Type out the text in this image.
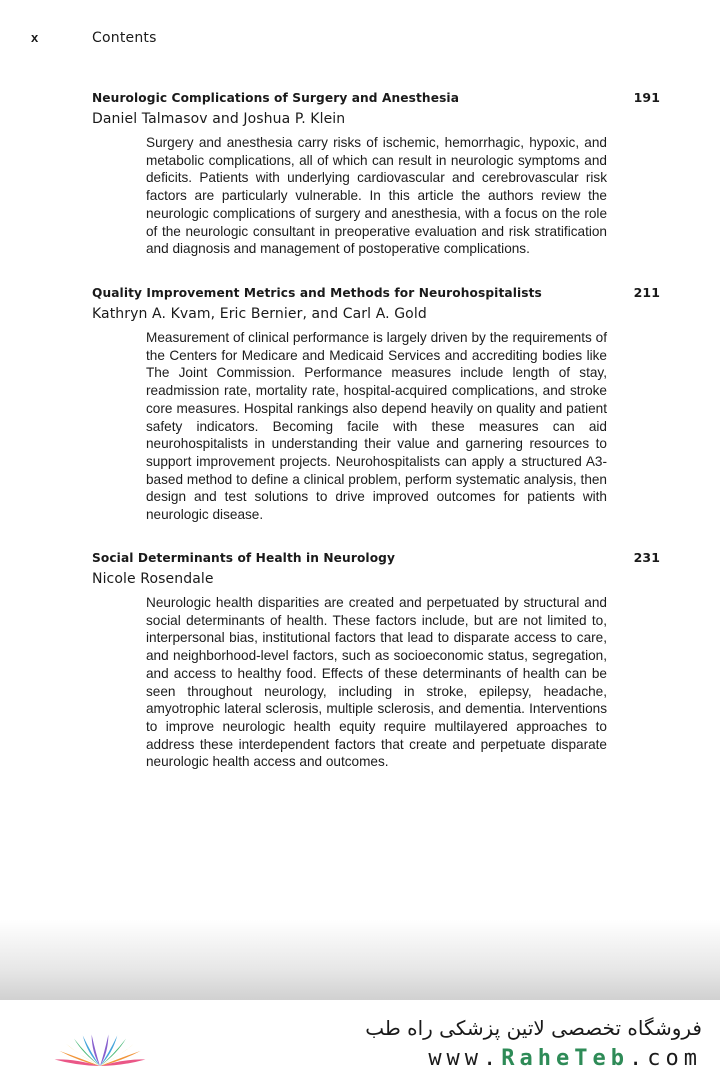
x	Contents
Neurologic Complications of Surgery and Anesthesia	191
Daniel Talmasov and Joshua P. Klein
Surgery and anesthesia carry risks of ischemic, hemorrhagic, hypoxic, and metabolic complications, all of which can result in neurologic symptoms and deficits. Patients with underlying cardiovascular and cerebrovascular risk factors are particularly vulnerable. In this article the authors review the neurologic complications of surgery and anesthesia, with a focus on the role of the neurologic consultant in preoperative evaluation and risk stratification and diagnosis and management of postoperative complications.
Quality Improvement Metrics and Methods for Neurohospitalists	211
Kathryn A. Kvam, Eric Bernier, and Carl A. Gold
Measurement of clinical performance is largely driven by the requirements of the Centers for Medicare and Medicaid Services and accrediting bodies like The Joint Commission. Performance measures include length of stay, readmission rate, mortality rate, hospital-acquired complications, and stroke core measures. Hospital rankings also depend heavily on quality and patient safety indicators. Becoming facile with these measures can aid neurohospitalists in understanding their value and garnering resources to support improvement projects. Neurohospitalists can apply a structured A3-based method to define a clinical problem, perform systematic analysis, then design and test solutions to drive improved outcomes for patients with neurologic disease.
Social Determinants of Health in Neurology	231
Nicole Rosendale
Neurologic health disparities are created and perpetuated by structural and social determinants of health. These factors include, but are not limited to, interpersonal bias, institutional factors that lead to disparate access to care, and neighborhood-level factors, such as socioeconomic status, segregation, and access to healthy food. Effects of these determinants of health can be seen throughout neurology, including in stroke, epilepsy, headache, amyotrophic lateral sclerosis, multiple sclerosis, and dementia. Interventions to improve neurologic health equity require multilayered approaches to address these interdependent factors that create and perpetuate disparate neurologic health access and outcomes.
فروشگاه تخصصی لاتین پزشکی راه طب
www.RaheTeb.com
